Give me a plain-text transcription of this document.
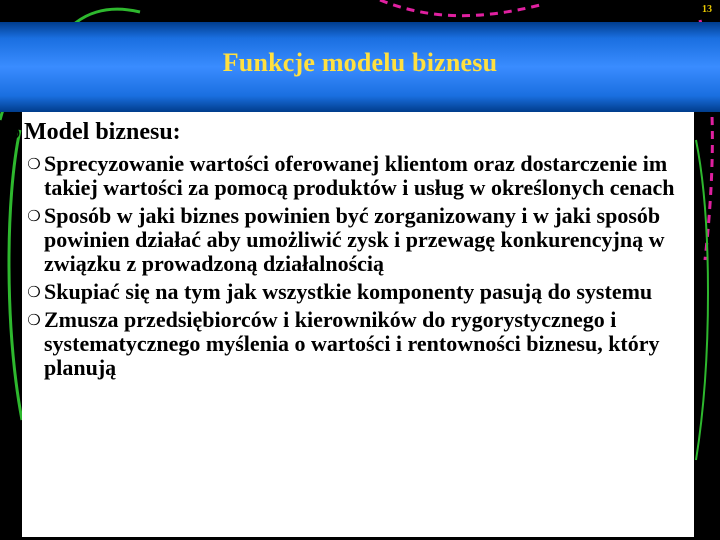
13
Funkcje modelu biznesu
❍ Model biznesu:
❍ Sprecyzowanie wartości oferowanej klientom oraz dostarczenie im takiej wartości za pomocą produktów i usług w określonych cenach
❍ Sposób w jaki biznes powinien być zorganizowany i w jaki sposób powinien działać aby umożliwić zysk i przewagę konkurencyjną w związku z prowadzoną działalnością
❍ Skupiać się na tym jak wszystkie komponenty pasują do systemu
❍ Zmusza przedsiębiorców i kierowników do rygorystycznego i systematycznego myślenia o wartości i rentowności biznesu, który planują
